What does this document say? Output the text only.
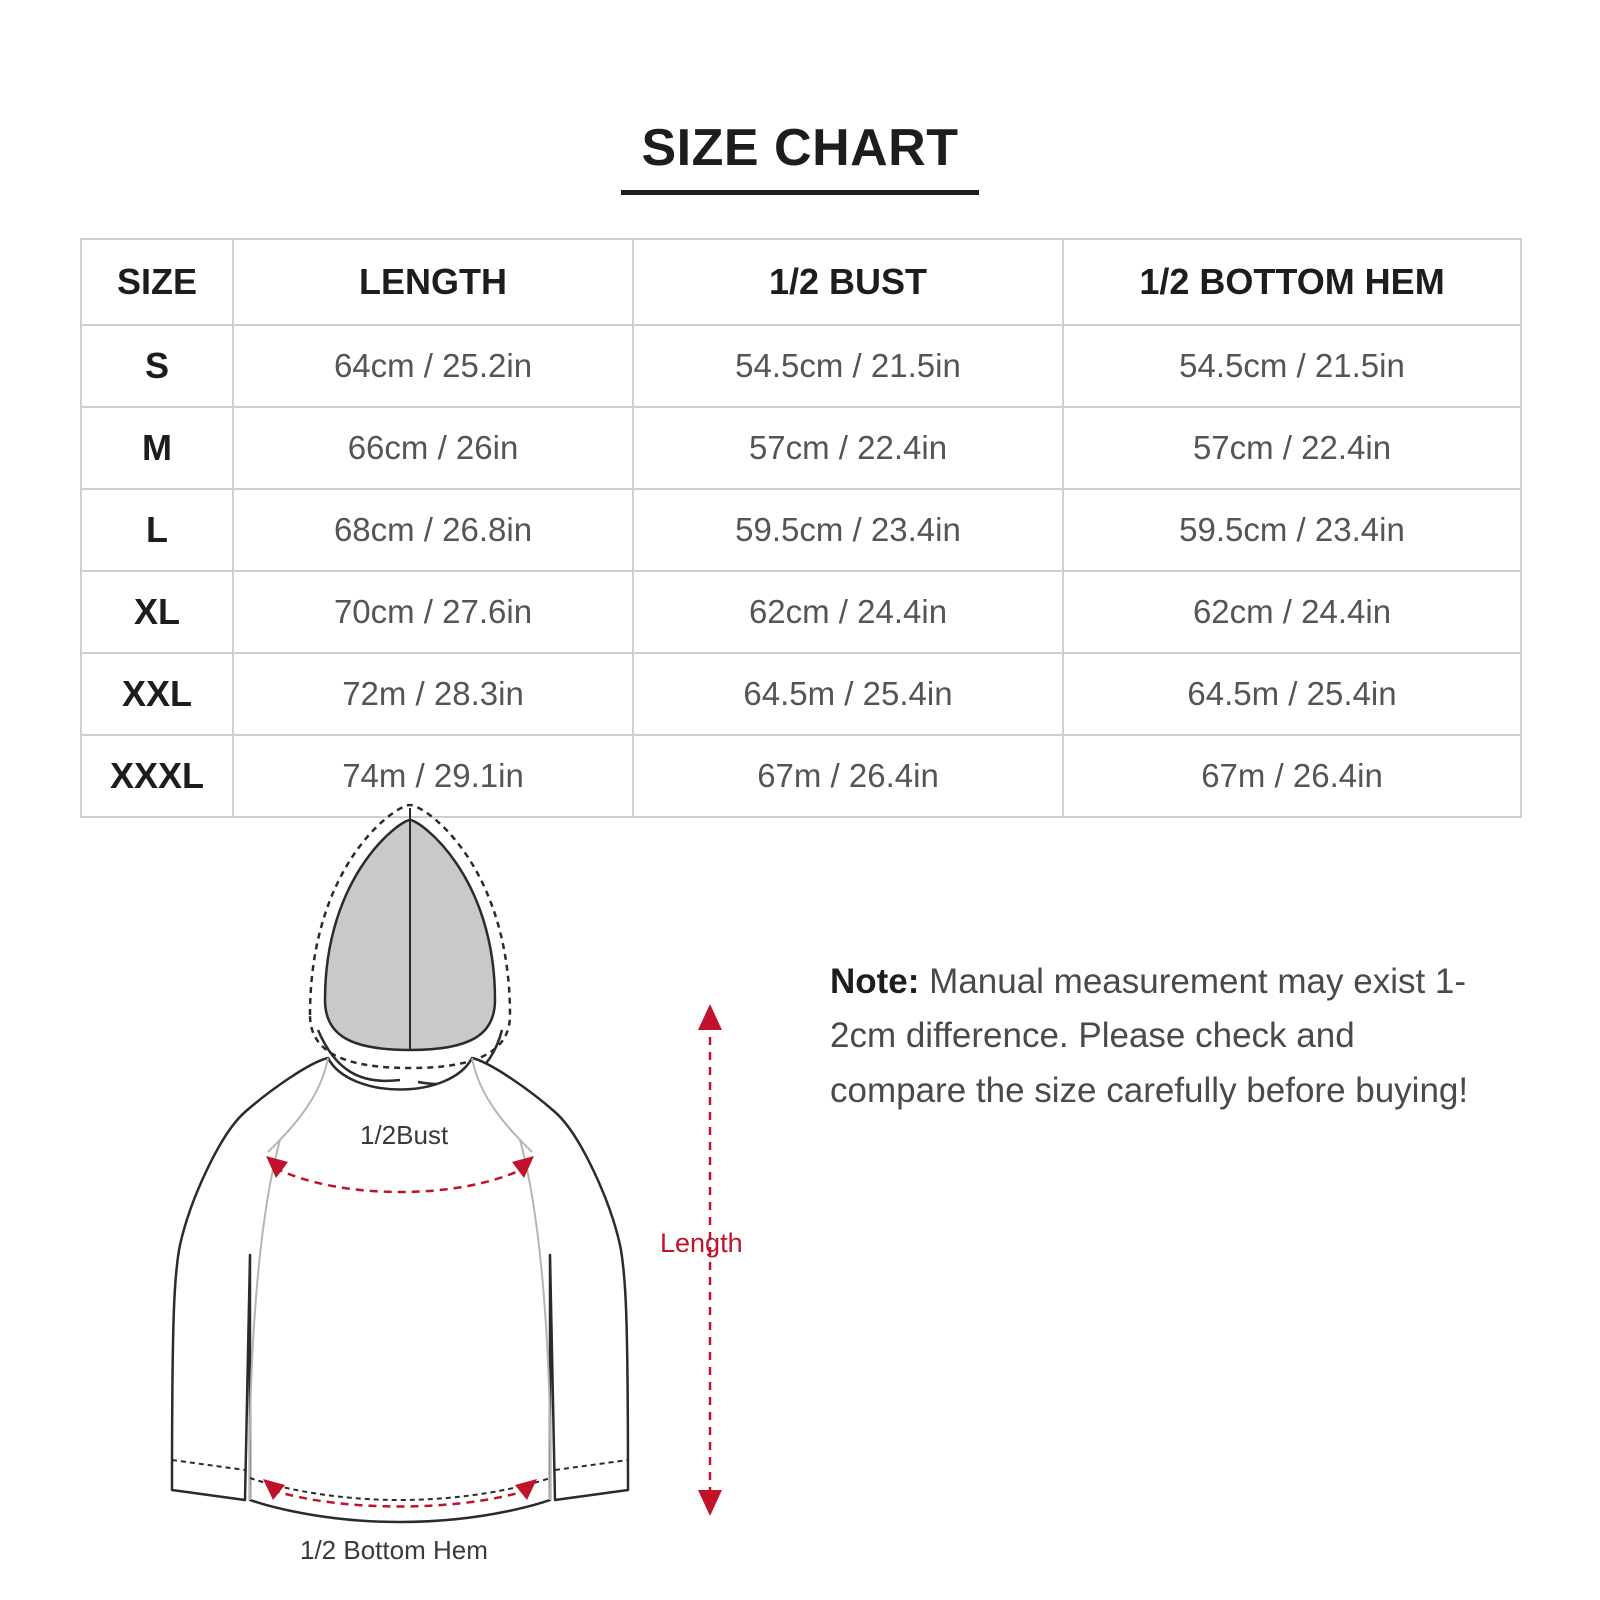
SIZE CHART
SIZE	LENGTH	1/2 BUST	1/2 BOTTOM HEM
S	64cm / 25.2in	54.5cm / 21.5in	54.5cm / 21.5in
M	66cm / 26in	57cm / 22.4in	57cm / 22.4in
L	68cm / 26.8in	59.5cm / 23.4in	59.5cm / 23.4in
XL	70cm / 27.6in	62cm / 24.4in	62cm / 24.4in
XXL	72m / 28.3in	64.5m / 25.4in	64.5m / 25.4in
XXXL	74m / 29.1in	67m / 26.4in	67m / 26.4in
1/2Bust
1/2 Bottom Hem
Length
Note: Manual measurement may exist 1-2cm difference. Please check and compare the size carefully before buying!
